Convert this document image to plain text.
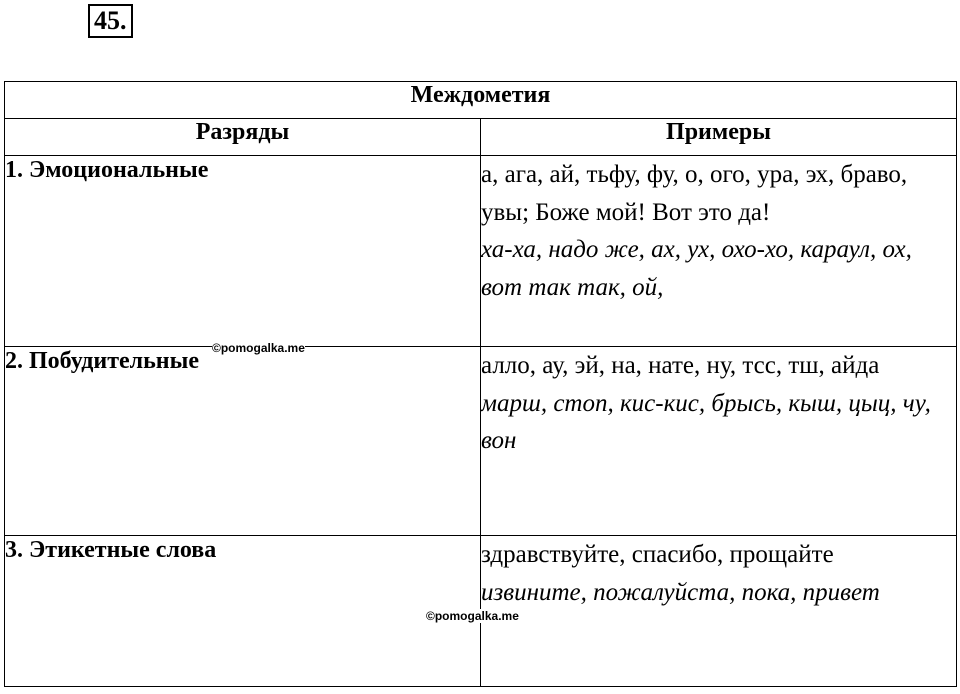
45.
Междометия	
Разряды	Примеры
1. Эмоциональные	а, ага, ай, тьфу, фу, о, ого, ура, эх, браво, увы; Боже мой! Вот это да!
ха-ха, надо же, ах, ух, охо-хо, караул, ох, вот так так, ой,

2. Побудительные	алло, ау, эй, на, нате, ну, тсс, тш, айда
марш, стоп, кис-кис, брысь, кыш, цыц, чу, вон

3. Этикетные слова	здравствуйте, спасибо, прощайте
извините, пожалуйста, пока, привет
©pomogalka.me
©pomogalka.me
